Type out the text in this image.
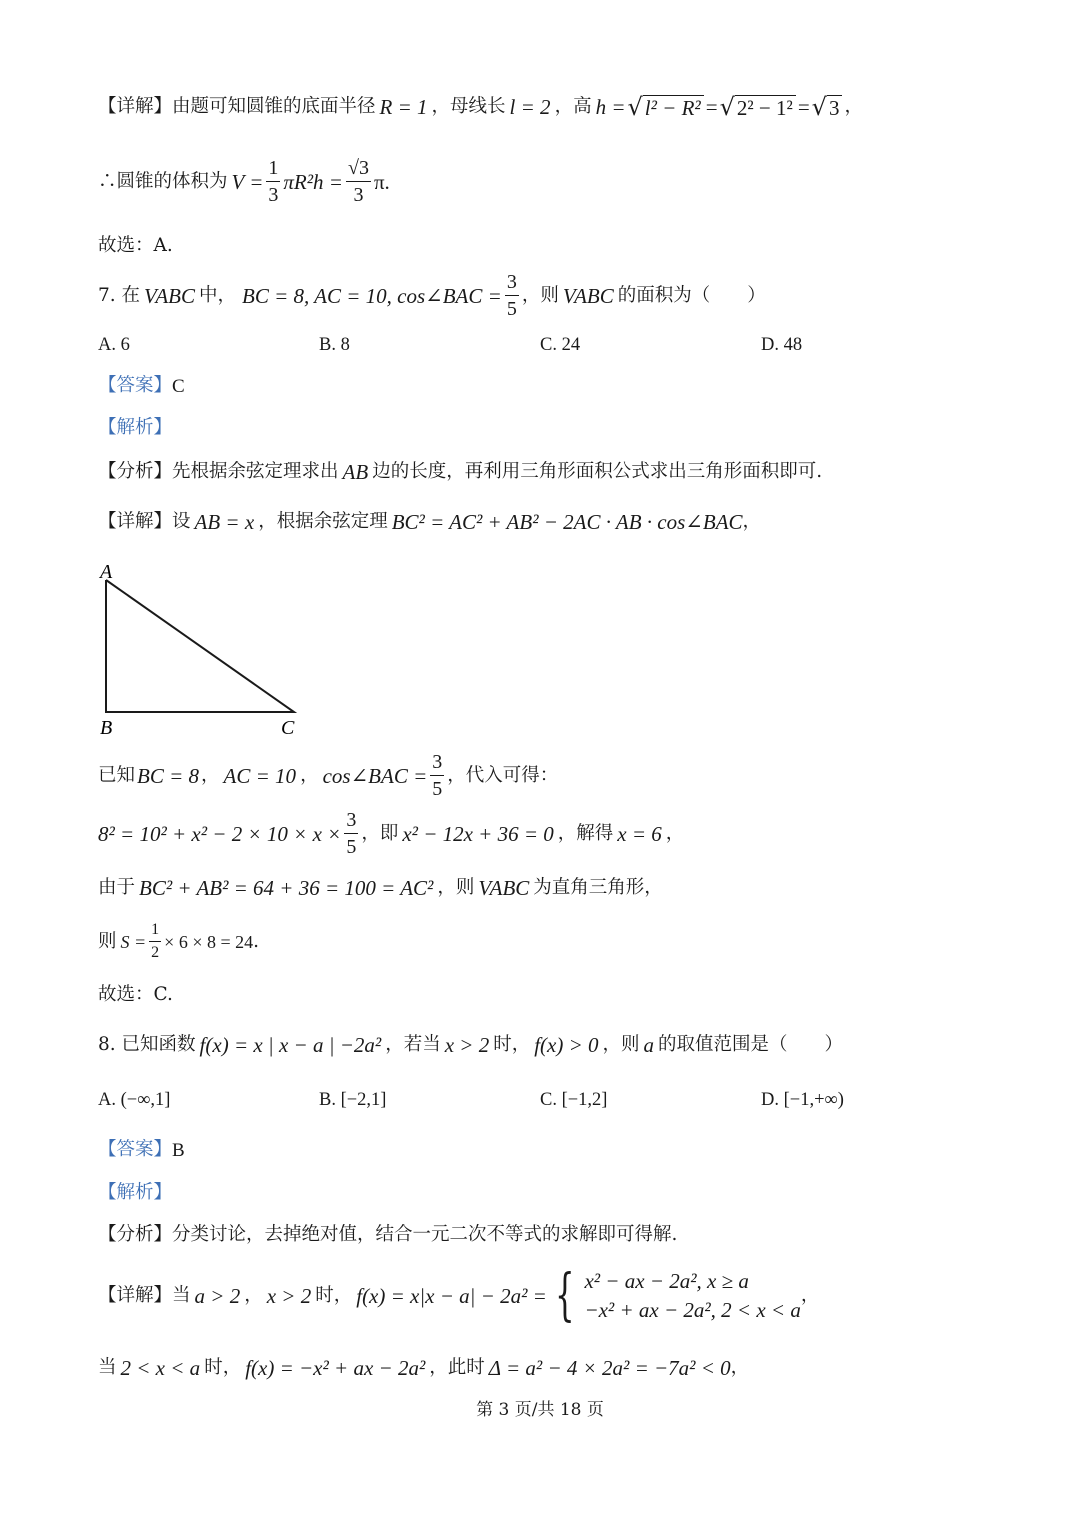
【详解】 由题可知圆锥的底面半径 R = 1 ，母线长 l = 2 ，高 h = √ l² − R² = √ 2² − 1² = √ 3 ，
∴圆锥的体积为 $V = \frac{1}{3} \pi R^2h = \frac{√3}{3} \pi$.
故选：A.
7. 在 VABC 中， BC = 8, AC = 10, cos∠BAC = $\frac{3}{5}$ ，则 VABC 的面积为（　　）
A. 6	B. 8	C. 24	D. 48
【答案】 C
【解析】
【分析】 先根据余弦定理求出 AB 边的长度，再利用三角形面积公式求出三角形面积即可.
【详解】 设 AB = x ，根据余弦定理 BC² = AC² + AB² − 2AC · AB · cos∠BAC ，
A
B	C
已知 BC = 8 ， AC = 10 ， cos∠BAC = $\frac{3}{5}$ ，代入可得：
$8^2 = 10^2 + x^2 - 2 \times 10 \times x \times \frac{3}{5}$ ，即 x² − 12x + 36 = 0 ，解得 x = 6 ，
由于 BC² + AB² = 64 + 36 = 100 = AC² ，则 VABC 为直角三角形，
则 $S = \frac{1}{2} \times 6 \times 8 = 24$ .
故选：C.
8. 已知函数 f(x) = x | x − a | −2a² ，若当 x > 2 时， f(x) > 0 ，则 a 的取值范围是（　　）
A. (−∞,1]	B. [−2,1]	C. [−1,2]	D. [−1,+∞)
【答案】 B
【解析】
【分析】 分类讨论，去掉绝对值，结合一元二次不等式的求解即可得解.
【详解】 当 a > 2 ， x > 2 时， f(x) = x|x − a| − 2a² = { x² − ax − 2a², x ≥ a
−x² + ax − 2a², 2 < x < a
，
当 2 < x < a 时， f(x) = −x² + ax − 2a² ，此时 Δ = a² − 4 × 2a² = −7a² < 0 ，
第 3 页/共 18 页
